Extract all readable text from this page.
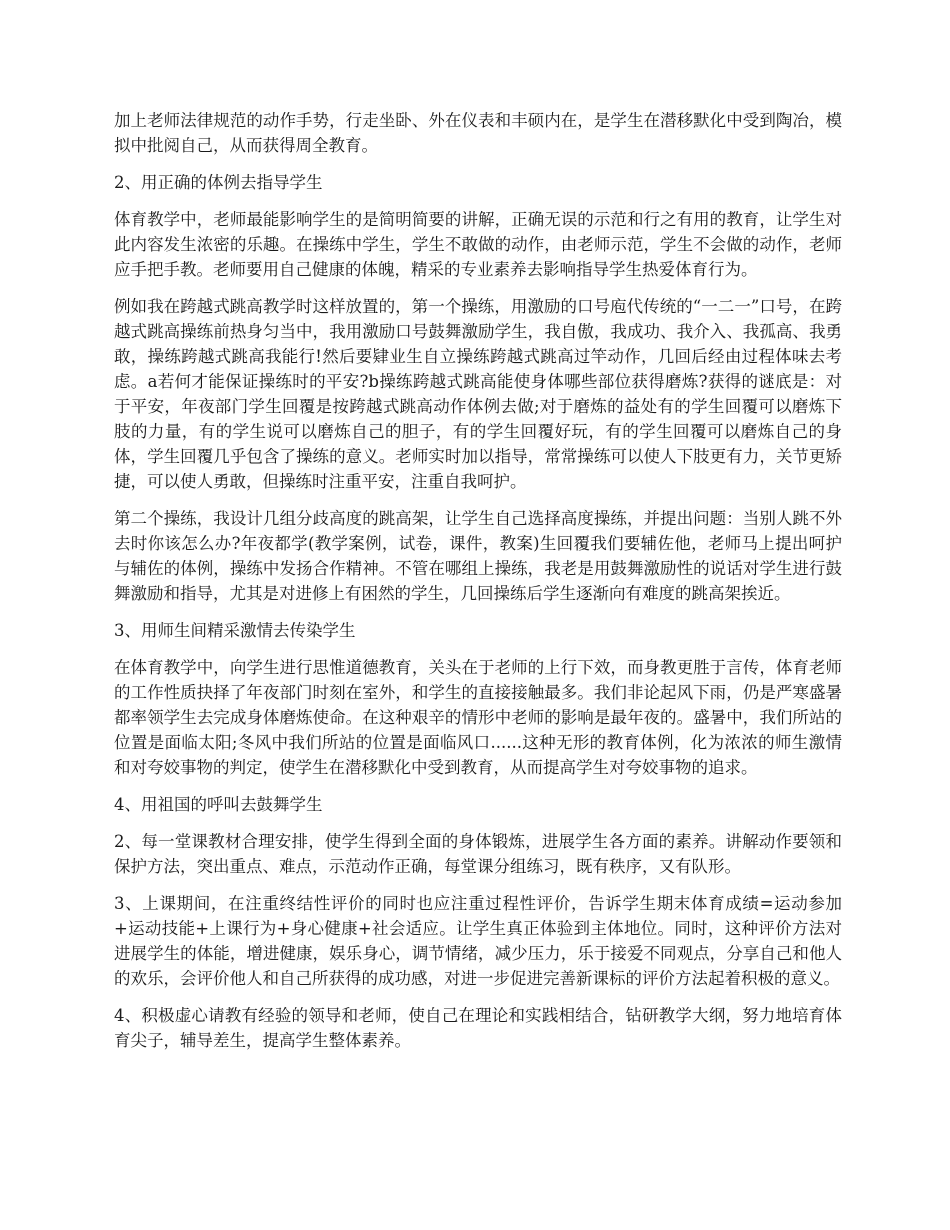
加上老师法律规范的动作手势，行走坐卧、外在仪表和丰硕内在，是学生在潜移默化中受到陶冶，模拟中批阅自己，从而获得周全教育。

2、用正确的体例去指导学生

体育教学中，老师最能影响学生的是简明简要的讲解，正确无误的示范和行之有用的教育，让学生对此内容发生浓密的乐趣。在操练中学生，学生不敢做的动作，由老师示范，学生不会做的动作，老师应手把手教。老师要用自己健康的体魄，精采的专业素养去影响指导学生热爱体育行为。

例如我在跨越式跳高教学时这样放置的，第一个操练，用激励的口号庖代传统的“一二一”口号，在跨越式跳高操练前热身匀当中，我用激励口号鼓舞激励学生，我自傲，我成功、我介入、我孤高、我勇敢，操练跨越式跳高我能行!然后要肄业生自立操练跨越式跳高过竿动作，几回后经由过程体味去考虑。a若何才能保证操练时的平安?b操练跨越式跳高能使身体哪些部位获得磨炼?获得的谜底是：对于平安，年夜部门学生回覆是按跨越式跳高动作体例去做;对于磨炼的益处有的学生回覆可以磨炼下肢的力量，有的学生说可以磨炼自己的胆子，有的学生回覆好玩，有的学生回覆可以磨炼自己的身体，学生回覆几乎包含了操练的意义。老师实时加以指导，常常操练可以使人下肢更有力，关节更矫捷，可以使人勇敢，但操练时注重平安，注重自我呵护。

第二个操练，我设计几组分歧高度的跳高架，让学生自己选择高度操练，并提出问题：当别人跳不外去时你该怎么办?年夜都学(教学案例，试卷，课件，教案)生回覆我们要辅佐他，老师马上提出呵护与辅佐的体例，操练中发扬合作精神。不管在哪组上操练，我老是用鼓舞激励性的说话对学生进行鼓舞激励和指导，尤其是对进修上有困然的学生，几回操练后学生逐渐向有难度的跳高架挨近。

3、用师生间精采激情去传染学生

在体育教学中，向学生进行思惟道德教育，关头在于老师的上行下效，而身教更胜于言传，体育老师的工作性质抉择了年夜部门时刻在室外，和学生的直接接触最多。我们非论起风下雨，仍是严寒盛暑都率领学生去完成身体磨炼使命。在这种艰辛的情形中老师的影响是最年夜的。盛暑中，我们所站的位置是面临太阳;冬风中我们所站的位置是面临风口......这种无形的教育体例，化为浓浓的师生激情和对夸姣事物的判定，使学生在潜移默化中受到教育，从而提高学生对夸姣事物的追求。

4、用祖国的呼叫去鼓舞学生

2、每一堂课教材合理安排，使学生得到全面的身体锻炼，进展学生各方面的素养。讲解动作要领和保护方法，突出重点、难点，示范动作正确，每堂课分组练习，既有秩序，又有队形。

3、上课期间，在注重终结性评价的同时也应注重过程性评价，告诉学生期末体育成绩=运动参加+运动技能+上课行为+身心健康+社会适应。让学生真正体验到主体地位。同时，这种评价方法对进展学生的体能，增进健康，娱乐身心，调节情绪，减少压力，乐于接爱不同观点，分享自己和他人的欢乐，会评价他人和自己所获得的成功感，对进一步促进完善新课标的评价方法起着积极的意义。

4、积极虚心请教有经验的领导和老师，使自己在理论和实践相结合，钻研教学大纲，努力地培育体育尖子，辅导差生，提高学生整体素养。
